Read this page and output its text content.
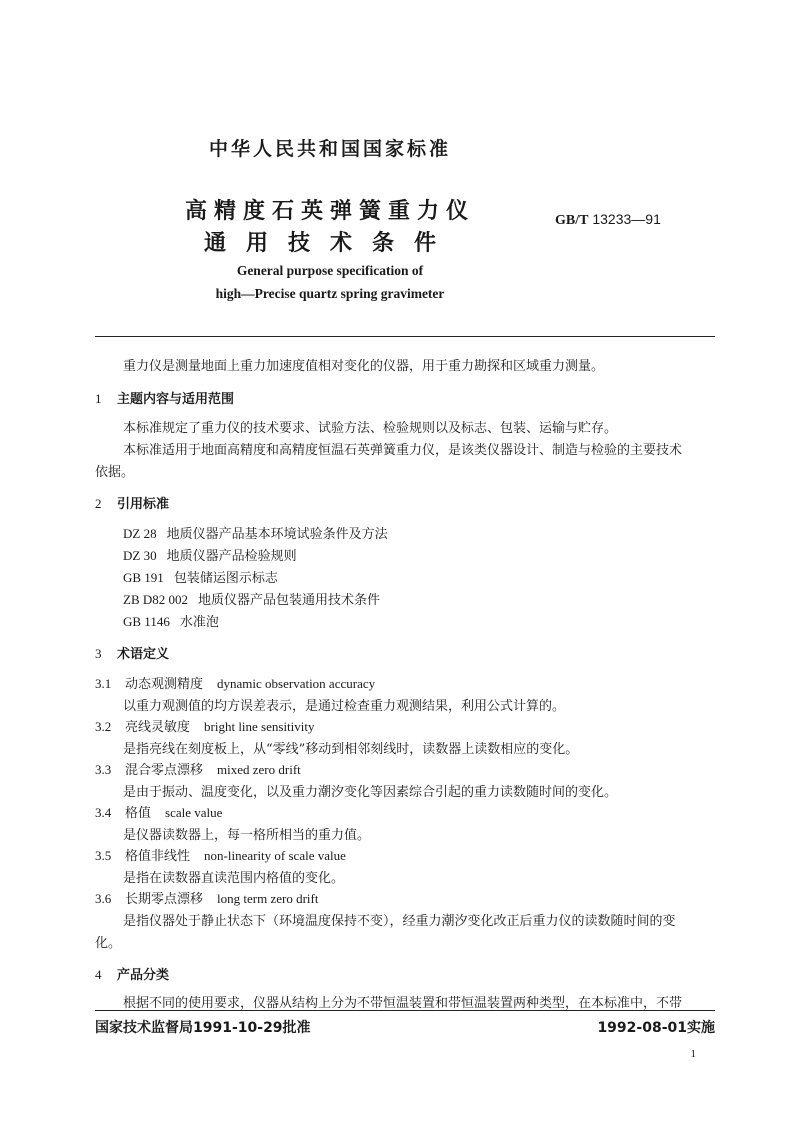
中华人民共和国国家标准
高精度石英弹簧重力仪
通用技术条件
GB/T 13233—91
General purpose specification of
high—Precise quartz spring gravimeter
重力仪是测量地面上重力加速度值相对变化的仪器，用于重力勘探和区域重力测量。
1 主题内容与适用范围
本标准规定了重力仪的技术要求、试验方法、检验规则以及标志、包装、运输与贮存。
本标准适用于地面高精度和高精度恒温石英弹簧重力仪，是该类仪器设计、制造与检验的主要技术
依据。
2 引用标准
DZ 28 地质仪器产品基本环境试验条件及方法
DZ 30 地质仪器产品检验规则
GB 191 包装储运图示标志
ZB D82 002 地质仪器产品包装通用技术条件
GB 1146 水准泡
3 术语定义
3.1 动态观测精度 dynamic observation accuracy
以重力观测值的均方误差表示，是通过检查重力观测结果，利用公式计算的。
3.2 亮线灵敏度 bright line sensitivity
是指亮线在刻度板上，从“零线”移动到相邻刻线时，读数器上读数相应的变化。
3.3 混合零点漂移 mixed zero drift
是由于振动、温度变化，以及重力潮汐变化等因素综合引起的重力读数随时间的变化。
3.4 格值 scale value
是仪器读数器上，每一格所相当的重力值。
3.5 格值非线性 non-linearity of scale value
是指在读数器直读范围内格值的变化。
3.6 长期零点漂移 long term zero drift
是指仪器处于静止状态下（环境温度保持不变），经重力潮汐变化改正后重力仪的读数随时间的变
化。
4 产品分类
根据不同的使用要求，仪器从结构上分为不带恒温装置和带恒温装置两种类型，在本标准中，不带
国家技术监督局1991-10-29批准	1992-08-01实施
1
